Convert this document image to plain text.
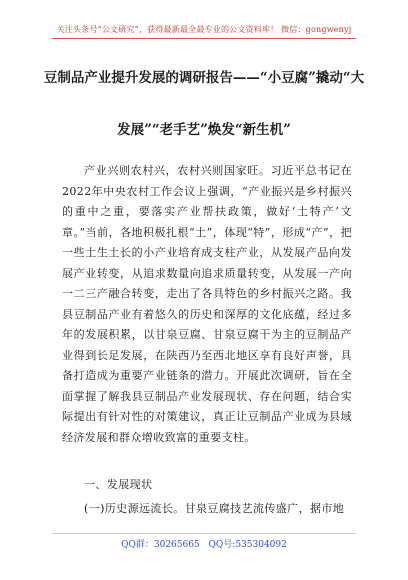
关注头条号“公文研究”，获得最新最全最专业的公文资料库！ 微信：gongwenyj
豆制品产业提升发展的调研报告——“小豆腐”撬动“大
发展”“老手艺”焕发“新生机”
产业兴则农村兴，农村兴则国家旺。习近平总书记在2022年中央农村工作会议上强调，“产业振兴是乡村振兴的重中之重，要落实产业帮扶政策，做好‘土特产’文章。”当前，各地积极扎根“土”，体现“特”，形成“产”，把一些土生土长的小产业培育成支柱产业，从发展产品向发展产业转变，从追求数量向追求质量转变，从发展一产向一二三产融合转变，走出了各具特色的乡村振兴之路。我县豆制品产业有着悠久的历史和深厚的文化底蕴，经过多年的发展积累，以甘泉豆腐、甘泉豆腐干为主的豆制品产业得到长足发展，在陕西乃至西北地区享有良好声誉，具备打造成为重要产业链条的潜力。开展此次调研，旨在全面掌握了解我县豆制品产业发展现状、存在问题，结合实际提出有针对性的对策建议，真正让豆制品产业成为县域经济发展和群众增收致富的重要支柱。
一、发展现状
(一)历史源远流长。甘泉豆腐技艺流传盛广，据市地
QQ群：30265665 QQ号:535304092
